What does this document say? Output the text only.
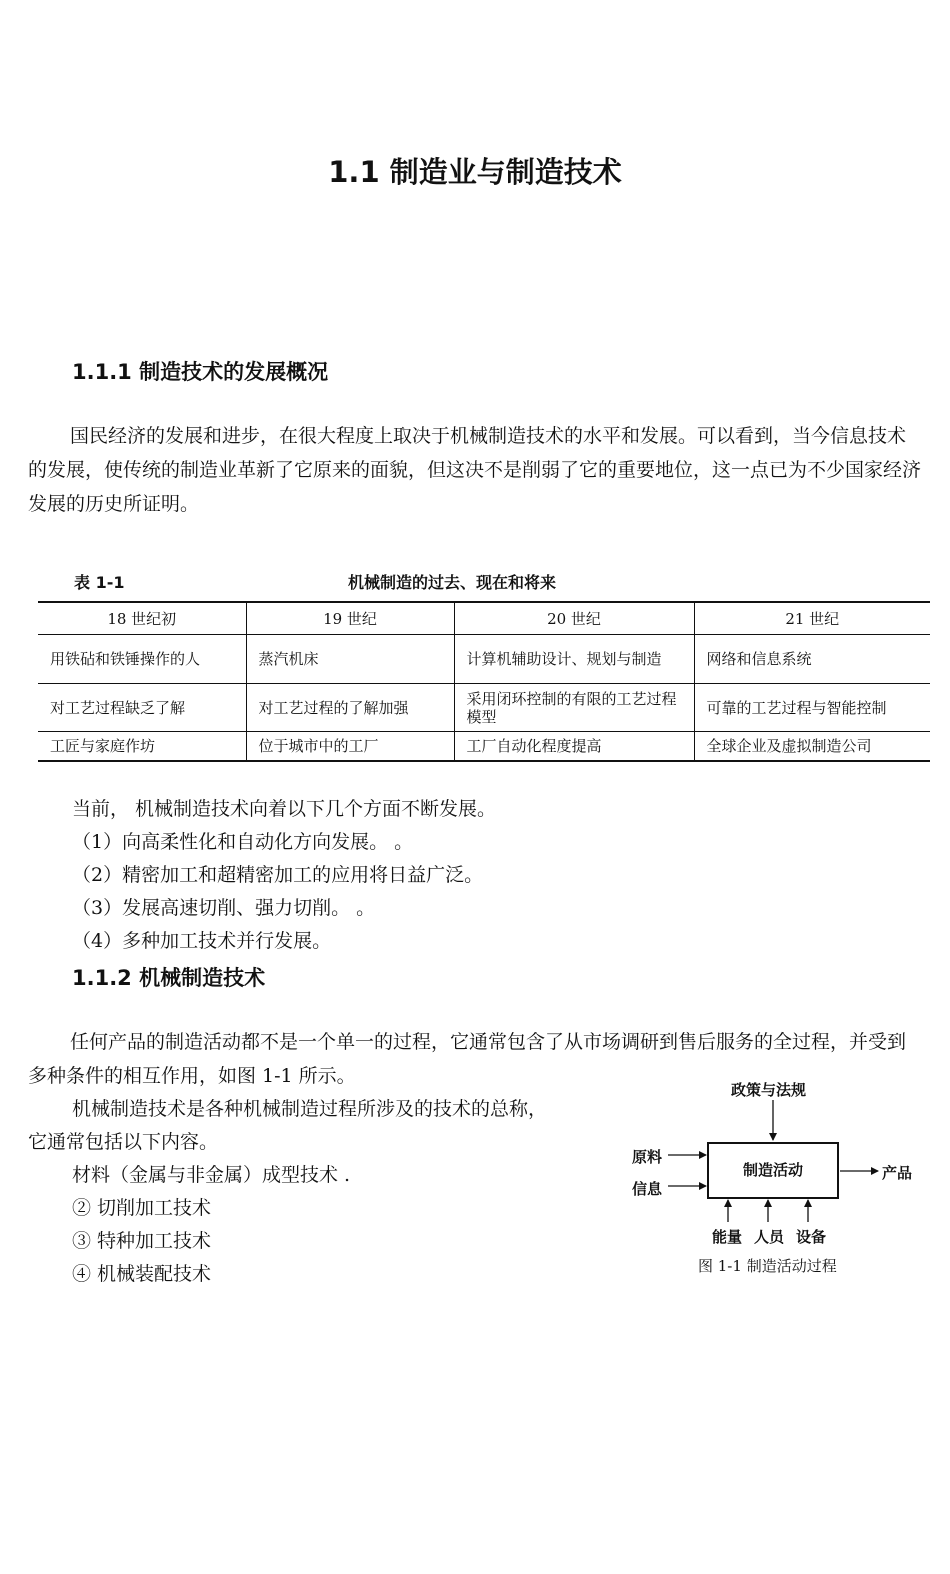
1.1 制造业与制造技术
1.1.1 制造技术的发展概况

国民经济的发展和进步，在很大程度上取决于机械制造技术的水平和发展。可以看到，当今信息技术的发展，使传统的制造业革新了它原来的面貌，但这决不是削弱了它的重要地位，这一点已为不少国家经济发展的历史所证明。

表 1-1	机械制造的过去、现在和将来
18 世纪初	19 世纪	20 世纪	21 世纪
用铁砧和铁锤操作的人	蒸汽机床	计算机辅助设计、规划与制造	网络和信息系统
对工艺过程缺乏了解	对工艺过程的了解加强	采用闭环控制的有限的工艺过程模型	可靠的工艺过程与智能控制
工匠与家庭作坊	位于城市中的工厂	工厂自动化程度提高	全球企业及虚拟制造公司
当前， 机械制造技术向着以下几个方面不断发展。
（1）向高柔性化和自动化方向发展。 。
（2）精密加工和超精密加工的应用将日益广泛。
（3）发展高速切削、强力切削。 。
（4）多种加工技术并行发展。
1.1.2 机械制造技术

任何产品的制造活动都不是一个单一的过程，它通常包含了从市场调研到售后服务的全过程，并受到多种条件的相互作用，如图 1-1 所示。

机械制造技术是各种机械制造过程所涉及的技术的总称，
它通常包括以下内容。
材料（金属与非金属）成型技术 .
② 切削加工技术
③ 特种加工技术
④ 机械装配技术
政策与法规
原料
信息
制造活动	产品
能量 人员 设备
图 1-1 制造活动过程
